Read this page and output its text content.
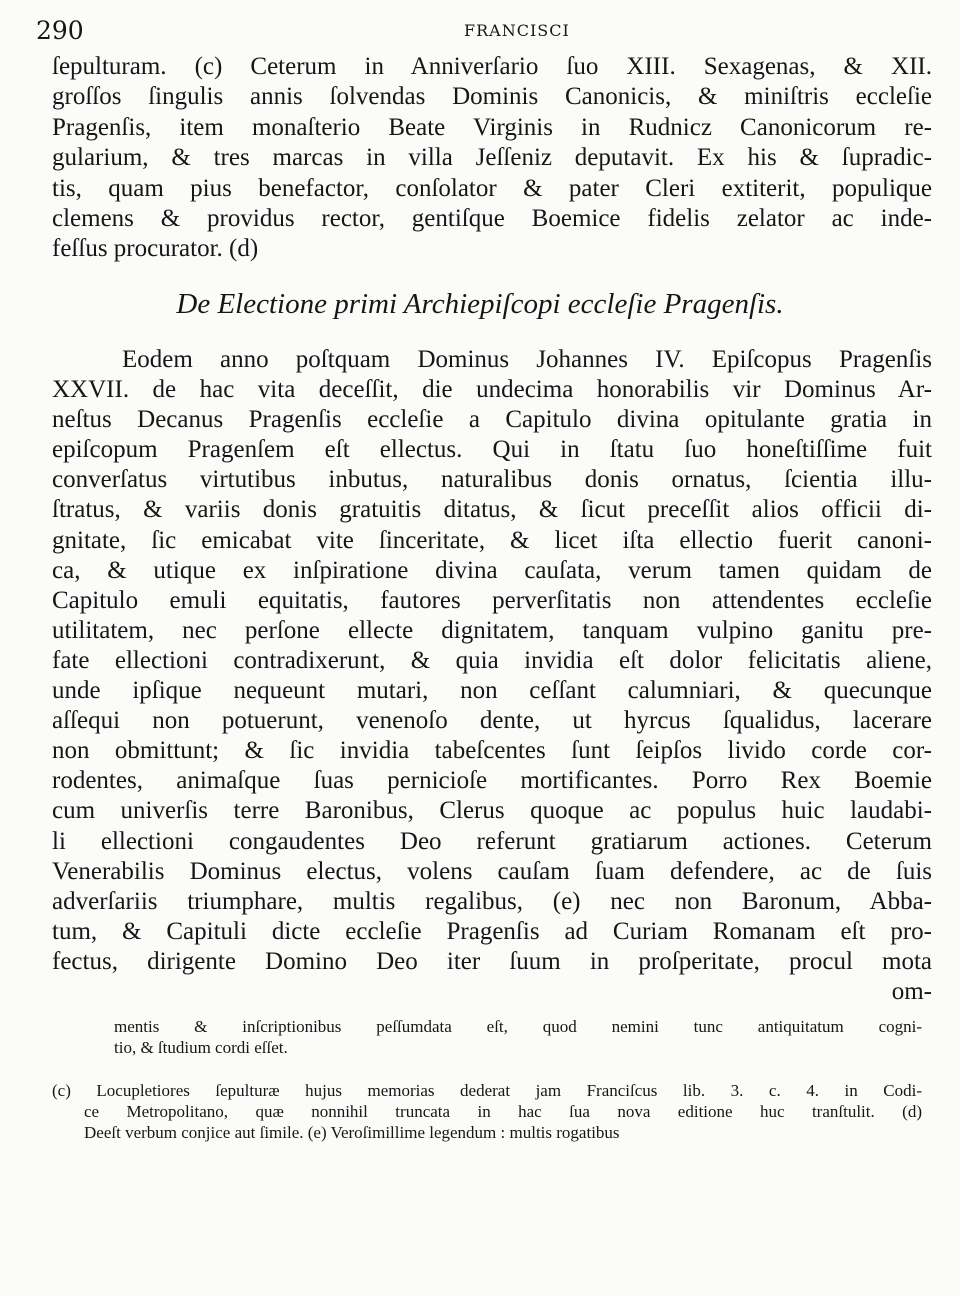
290	FRANCISCI
ſepulturam. (c) Ceterum in Anniverſario ſuo XIII. Sexagenas, & XII.
groſſos ſingulis annis ſolvendas Dominis Canonicis, & miniſtris eccleſie
Pragenſis, item monaſterio Beate Virginis in Rudnicz Canonicorum re-
gularium, & tres marcas in villa Jeſſeniz deputavit. Ex his & ſupradic-
tis, quam pius benefactor, conſolator & pater Cleri extiterit, populique
clemens & providus rector, gentiſque Boemice fidelis zelator ac inde-
feſſus procurator. (d)
De Electione primi Archiepiſcopi eccleſie Pragenſis.
Eodem anno poſtquam Dominus Johannes IV. Epiſcopus Pragenſis
XXVII. de hac vita deceſſit, die undecima honorabilis vir Dominus Ar-
neſtus Decanus Pragenſis eccleſie a Capitulo divina opitulante gratia in
epiſcopum Pragenſem eſt ellectus. Qui in ſtatu ſuo honeſtiſſime fuit
converſatus virtutibus inbutus, naturalibus donis ornatus, ſcientia illu-
ſtratus, & variis donis gratuitis ditatus, & ſicut preceſſit alios officii di-
gnitate, ſic emicabat vite ſinceritate, & licet iſta ellectio fuerit canoni-
ca, & utique ex inſpiratione divina cauſata, verum tamen quidam de
Capitulo emuli equitatis, fautores perverſitatis non attendentes eccleſie
utilitatem, nec perſone ellecte dignitatem, tanquam vulpino ganitu pre-
fate ellectioni contradixerunt, & quia invidia eſt dolor felicitatis aliene,
unde ipſique nequeunt mutari, non ceſſant calumniari, & quecunque
aſſequi non potuerunt, venenoſo dente, ut hyrcus ſqualidus, lacerare
non obmittunt; & ſic invidia tabeſcentes ſunt ſeipſos livido corde cor-
rodentes, animaſque ſuas pernicioſe mortificantes. Porro Rex Boemie
cum univerſis terre Baronibus, Clerus quoque ac populus huic laudabi-
li ellectioni congaudentes Deo referunt gratiarum actiones. Ceterum
Venerabilis Dominus electus, volens cauſam ſuam defendere, ac de ſuis
adverſariis triumphare, multis regalibus, (e) nec non Baronum, Abba-
tum, & Capituli dicte eccleſie Pragenſis ad Curiam Romanam eſt pro-
fectus, dirigente Domino Deo iter ſuum in proſperitate, procul mota
om-
mentis & inſcriptionibus peſſumdata eſt, quod nemini tunc antiquitatum cogni-
tio, & ſtudium cordi eſſet.
(c) Locupletiores ſepulturæ hujus memorias dederat jam Franciſcus lib. 3. c. 4. in Codi-
ce Metropolitano, quæ nonnihil truncata in hac ſua nova editione huc tranſtulit. (d)
Deeſt verbum conjice aut ſimile. (e) Veroſimillime legendum : multis rogatibus
